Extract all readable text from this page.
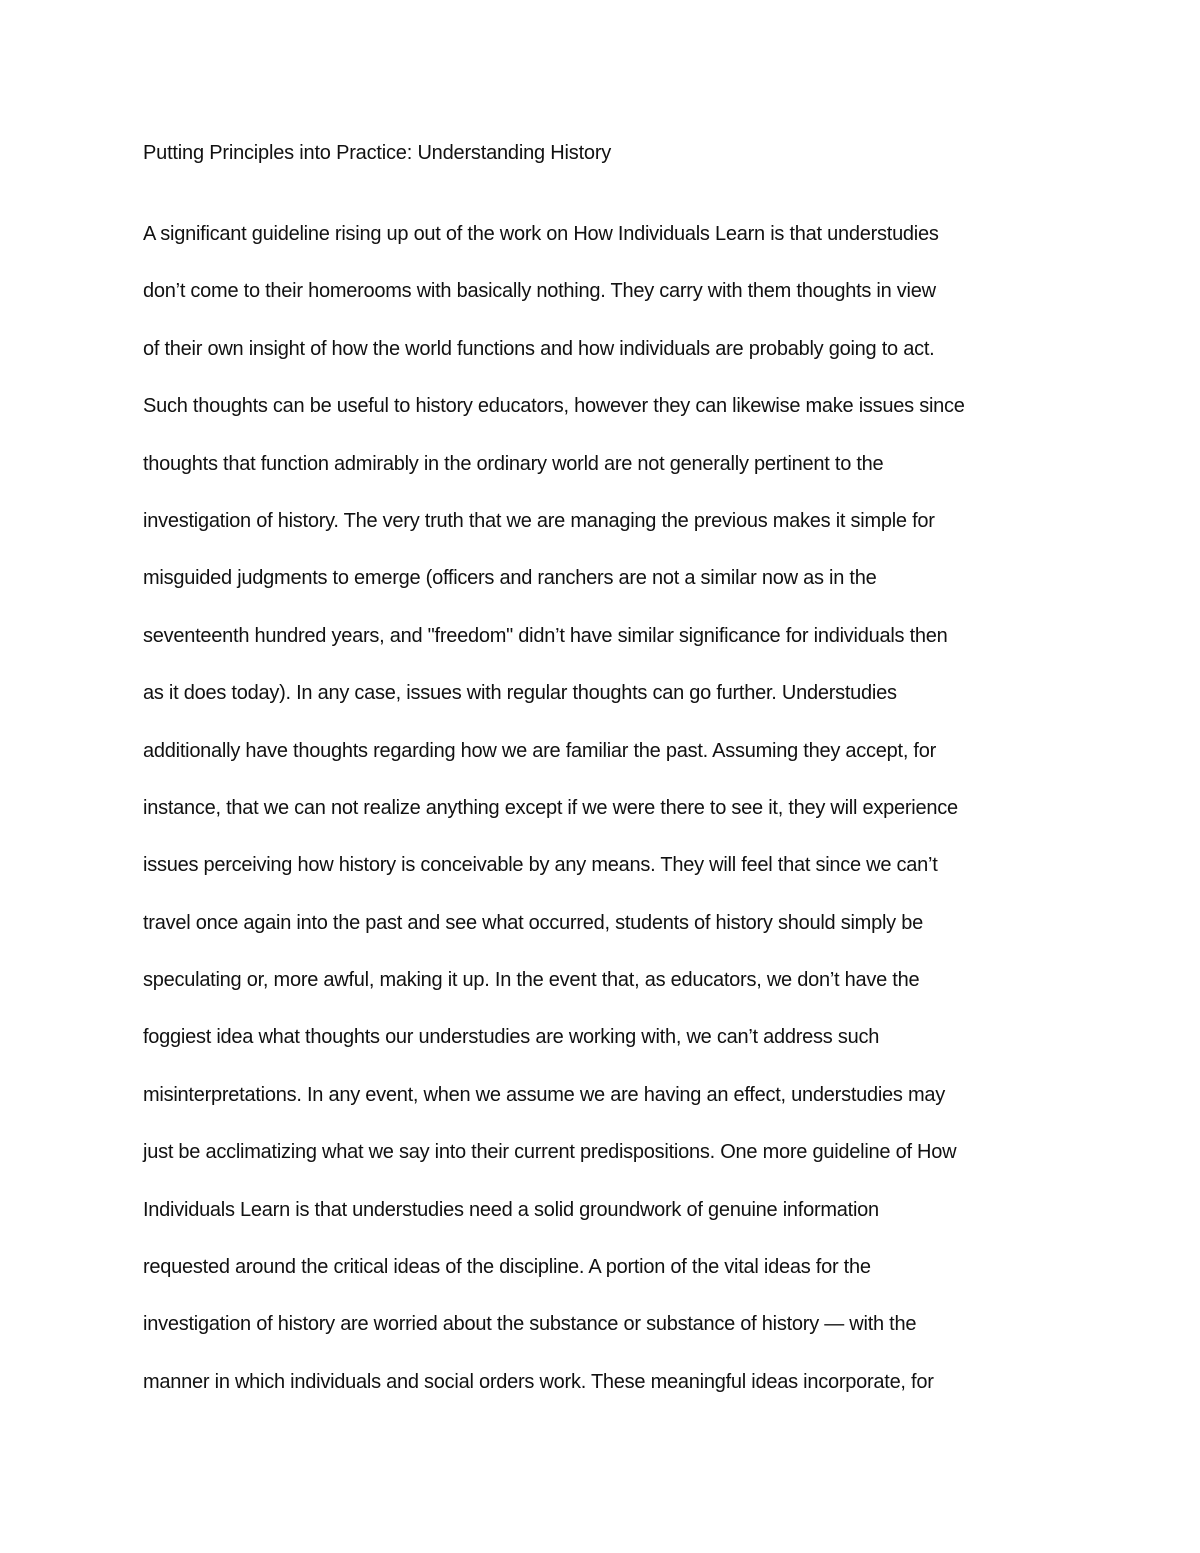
Putting Principles into Practice: Understanding History
A significant guideline rising up out of the work on How Individuals Learn is that understudies
don’t come to their homerooms with basically nothing. They carry with them thoughts in view
of their own insight of how the world functions and how individuals are probably going to act.
Such thoughts can be useful to history educators, however they can likewise make issues since
thoughts that function admirably in the ordinary world are not generally pertinent to the
investigation of history. The very truth that we are managing the previous makes it simple for
misguided judgments to emerge (officers and ranchers are not a similar now as in the
seventeenth hundred years, and "freedom" didn’t have similar significance for individuals then
as it does today). In any case, issues with regular thoughts can go further. Understudies
additionally have thoughts regarding how we are familiar the past. Assuming they accept, for
instance, that we can not realize anything except if we were there to see it, they will experience
issues perceiving how history is conceivable by any means. They will feel that since we can’t
travel once again into the past and see what occurred, students of history should simply be
speculating or, more awful, making it up. In the event that, as educators, we don’t have the
foggiest idea what thoughts our understudies are working with, we can’t address such
misinterpretations. In any event, when we assume we are having an effect, understudies may
just be acclimatizing what we say into their current predispositions. One more guideline of How
Individuals Learn is that understudies need a solid groundwork of genuine information
requested around the critical ideas of the discipline. A portion of the vital ideas for the
investigation of history are worried about the substance or substance of history — with the
manner in which individuals and social orders work. These meaningful ideas incorporate, for
